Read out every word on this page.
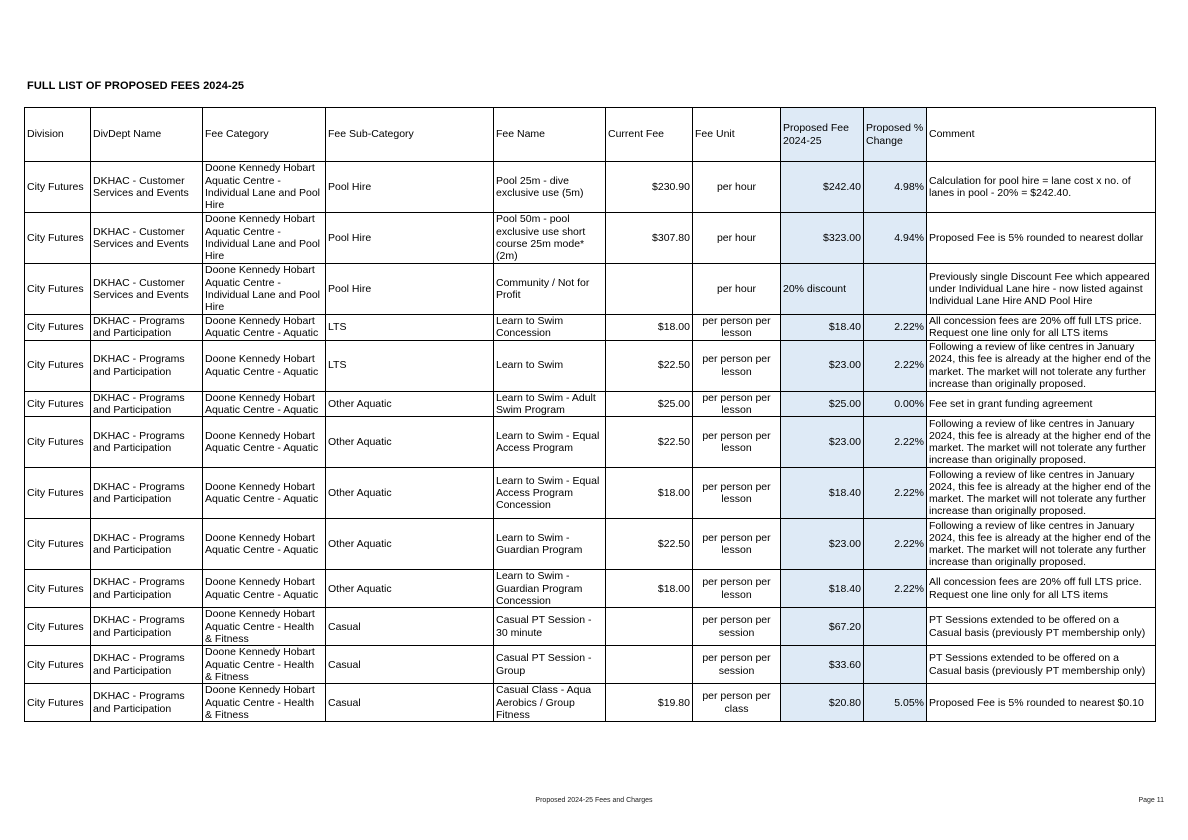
FULL LIST OF PROPOSED FEES 2024-25
Division	DivDept Name	Fee Category	Fee Sub-Category	Fee Name	Current Fee	Fee Unit	Proposed Fee 2024-25	Proposed % Change	Comment
City Futures	DKHAC - Customer Services and Events	Doone Kennedy Hobart Aquatic Centre - Individual Lane and Pool Hire	Pool Hire	Pool 25m - dive exclusive use (5m)	$230.90	per hour	$242.40	4.98%	Calculation for pool hire = lane cost x no. of lanes in pool - 20% = $242.40.
City Futures	DKHAC - Customer Services and Events	Doone Kennedy Hobart Aquatic Centre - Individual Lane and Pool Hire	Pool Hire	Pool 50m - pool exclusive use short course 25m mode* (2m)	$307.80	per hour	$323.00	4.94%	Proposed Fee is 5% rounded to nearest dollar
City Futures	DKHAC - Customer Services and Events	Doone Kennedy Hobart Aquatic Centre - Individual Lane and Pool Hire	Pool Hire	Community / Not for Profit		per hour	20% discount		Previously single Discount Fee which appeared under Individual Lane hire - now listed against Individual Lane Hire AND Pool Hire
City Futures	DKHAC - Programs and Participation	Doone Kennedy Hobart Aquatic Centre - Aquatic	LTS	Learn to Swim Concession	$18.00	per person per lesson	$18.40	2.22%	All concession fees are 20% off full LTS price. Request one line only for all LTS items
City Futures	DKHAC - Programs and Participation	Doone Kennedy Hobart Aquatic Centre - Aquatic	LTS	Learn to Swim	$22.50	per person per lesson	$23.00	2.22%	Following a review of like centres in January 2024, this fee is already at the higher end of the market. The market will not tolerate any further increase than originally proposed.
City Futures	DKHAC - Programs and Participation	Doone Kennedy Hobart Aquatic Centre - Aquatic	Other Aquatic	Learn to Swim - Adult Swim Program	$25.00	per person per lesson	$25.00	0.00%	Fee set in grant funding agreement
City Futures	DKHAC - Programs and Participation	Doone Kennedy Hobart Aquatic Centre - Aquatic	Other Aquatic	Learn to Swim - Equal Access Program	$22.50	per person per lesson	$23.00	2.22%	Following a review of like centres in January 2024, this fee is already at the higher end of the market. The market will not tolerate any further increase than originally proposed.
City Futures	DKHAC - Programs and Participation	Doone Kennedy Hobart Aquatic Centre - Aquatic	Other Aquatic	Learn to Swim - Equal Access Program Concession	$18.00	per person per lesson	$18.40	2.22%	Following a review of like centres in January 2024, this fee is already at the higher end of the market. The market will not tolerate any further increase than originally proposed.
City Futures	DKHAC - Programs and Participation	Doone Kennedy Hobart Aquatic Centre - Aquatic	Other Aquatic	Learn to Swim - Guardian Program	$22.50	per person per lesson	$23.00	2.22%	Following a review of like centres in January 2024, this fee is already at the higher end of the market. The market will not tolerate any further increase than originally proposed.
City Futures	DKHAC - Programs and Participation	Doone Kennedy Hobart Aquatic Centre - Aquatic	Other Aquatic	Learn to Swim - Guardian Program Concession	$18.00	per person per lesson	$18.40	2.22%	All concession fees are 20% off full LTS price. Request one line only for all LTS items
City Futures	DKHAC - Programs and Participation	Doone Kennedy Hobart Aquatic Centre - Health & Fitness	Casual	Casual PT Session - 30 minute		per person per session	$67.20		PT Sessions extended to be offered on a Casual basis (previously PT membership only)
City Futures	DKHAC - Programs and Participation	Doone Kennedy Hobart Aquatic Centre - Health & Fitness	Casual	Casual PT Session - Group		per person per session	$33.60		PT Sessions extended to be offered on a Casual basis (previously PT membership only)
City Futures	DKHAC - Programs and Participation	Doone Kennedy Hobart Aquatic Centre - Health & Fitness	Casual	Casual Class - Aqua Aerobics / Group Fitness	$19.80	per person per class	$20.80	5.05%	Proposed Fee is 5% rounded to nearest $0.10
Proposed 2024-25 Fees and Charges	Page 11
